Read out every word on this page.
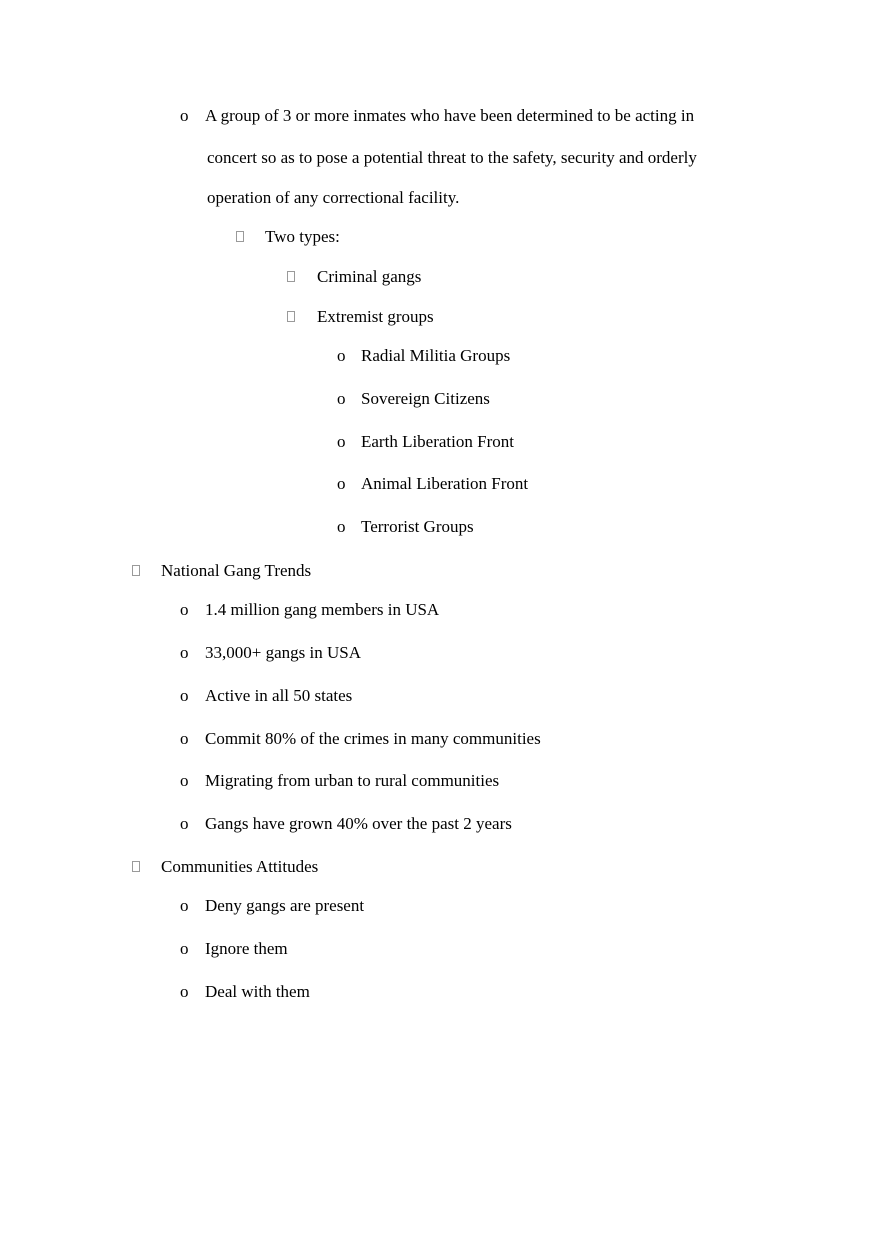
o A group of 3 or more inmates who have been determined to be acting in
concert so as to pose a potential threat to the safety, security and orderly
operation of any correctional facility.
Two types:
Criminal gangs
Extremist groups
o Radial Militia Groups
o Sovereign Citizens
o Earth Liberation Front
o Animal Liberation Front
o Terrorist Groups
National Gang Trends
o 1.4 million gang members in USA
o 33,000+ gangs in USA
o Active in all 50 states
o Commit 80% of the crimes in many communities
o Migrating from urban to rural communities
o Gangs have grown 40% over the past 2 years
Communities Attitudes
o Deny gangs are present
o Ignore them
o Deal with them
